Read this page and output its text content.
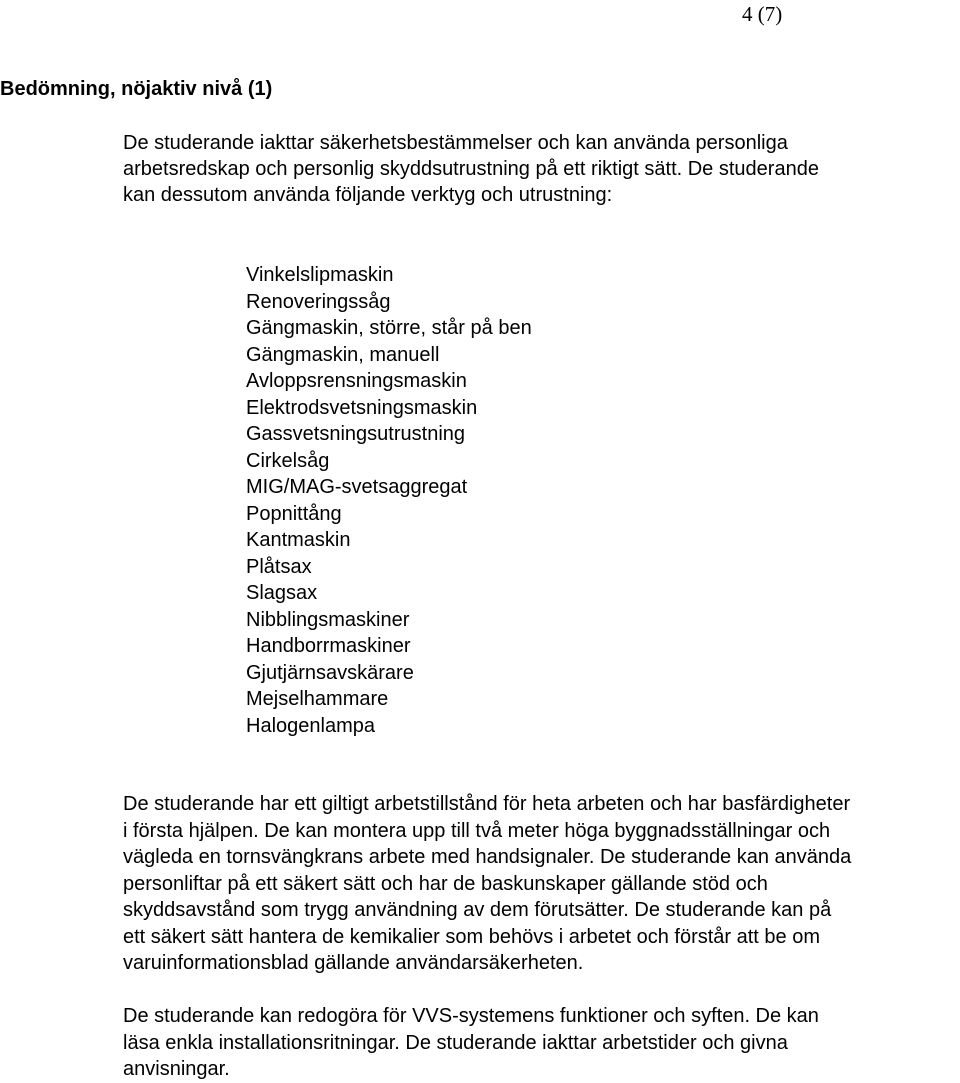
4 (7)
Bedömning, nöjaktiv nivå (1)

De studerande iakttar säkerhetsbestämmelser och kan använda personliga
arbetsredskap och personlig skyddsutrustning på ett riktigt sätt. De studerande
kan dessutom använda följande verktyg och utrustning:

Vinkelslipmaskin
Renoveringssåg
Gängmaskin, större, står på ben
Gängmaskin, manuell
Avloppsrensningsmaskin
Elektrodsvetsningsmaskin
Gassvetsningsutrustning
Cirkelsåg
MIG/MAG-svetsaggregat
Popnittång
Kantmaskin
Plåtsax
Slagsax
Nibblingsmaskiner
Handborrmaskiner
Gjutjärnsavskärare
Mejselhammare
Halogenlampa

De studerande har ett giltigt arbetstillstånd för heta arbeten och har basfärdigheter
i första hjälpen. De kan montera upp till två meter höga byggnadsställningar och
vägleda en tornsvängkrans arbete med handsignaler. De studerande kan använda
personliftar på ett säkert sätt och har de baskunskaper gällande stöd och
skyddsavstånd som trygg användning av dem förutsätter. De studerande kan på
ett säkert sätt hantera de kemikalier som behövs i arbetet och förstår att be om
varuinformationsblad gällande användarsäkerheten.

De studerande kan redogöra för VVS-systemens funktioner och syften. De kan
läsa enkla installationsritningar. De studerande iakttar arbetstider och givna
anvisningar.
